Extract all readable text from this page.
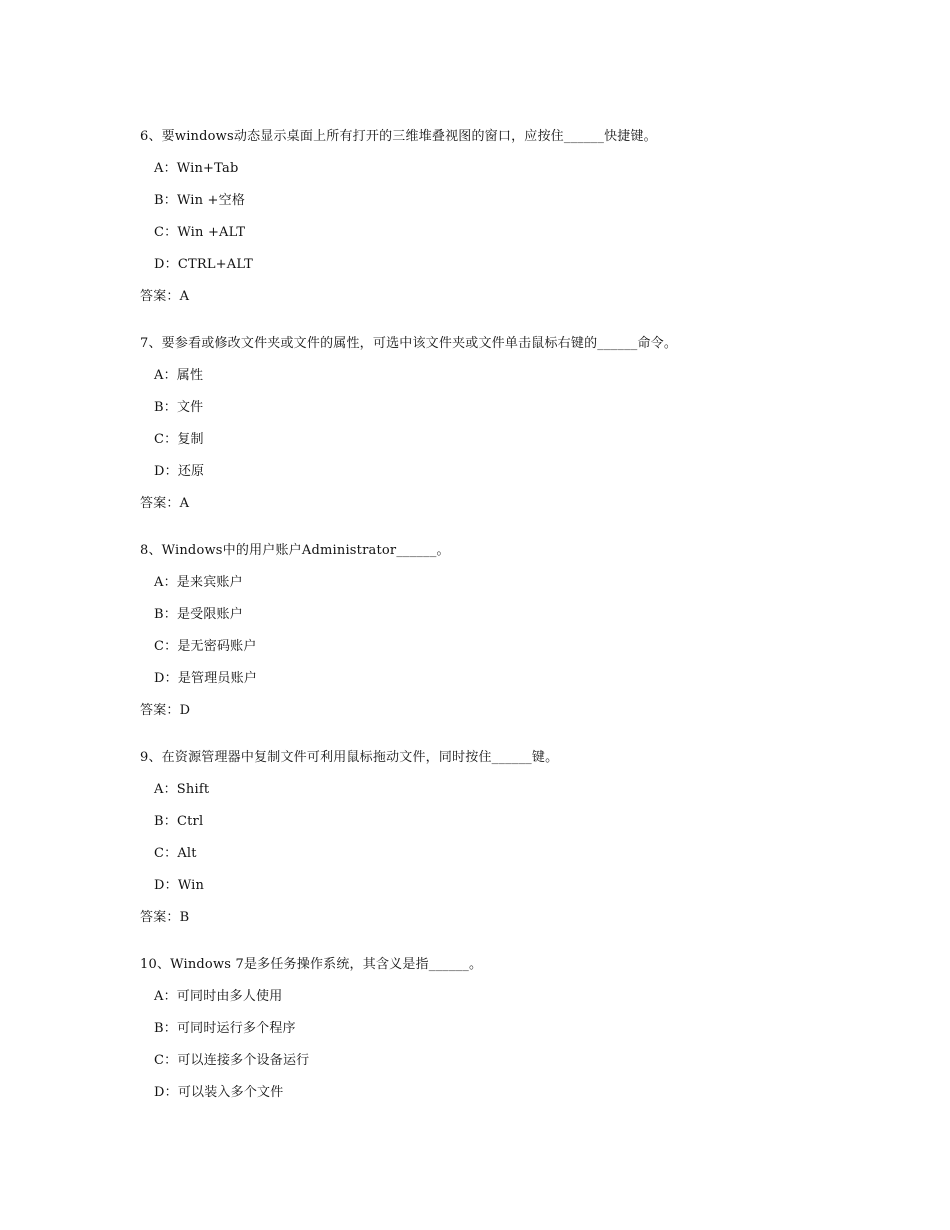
6、要windows动态显示桌面上所有打开的三维堆叠视图的窗口，应按住______快捷键。
A：Win+Tab
B：Win +空格
C：Win +ALT
D：CTRL+ALT
答案：A
7、要参看或修改文件夹或文件的属性，可选中该文件夹或文件单击鼠标右键的______命令。
A：属性
B：文件
C：复制
D：还原
答案：A
8、Windows中的用户账户Administrator______。
A：是来宾账户
B：是受限账户
C：是无密码账户
D：是管理员账户
答案：D
9、在资源管理器中复制文件可利用鼠标拖动文件，同时按住______键。
A：Shift
B：Ctrl
C：Alt
D：Win
答案：B
10、Windows 7是多任务操作系统，其含义是指______。
A：可同时由多人使用
B：可同时运行多个程序
C：可以连接多个设备运行
D：可以装入多个文件
